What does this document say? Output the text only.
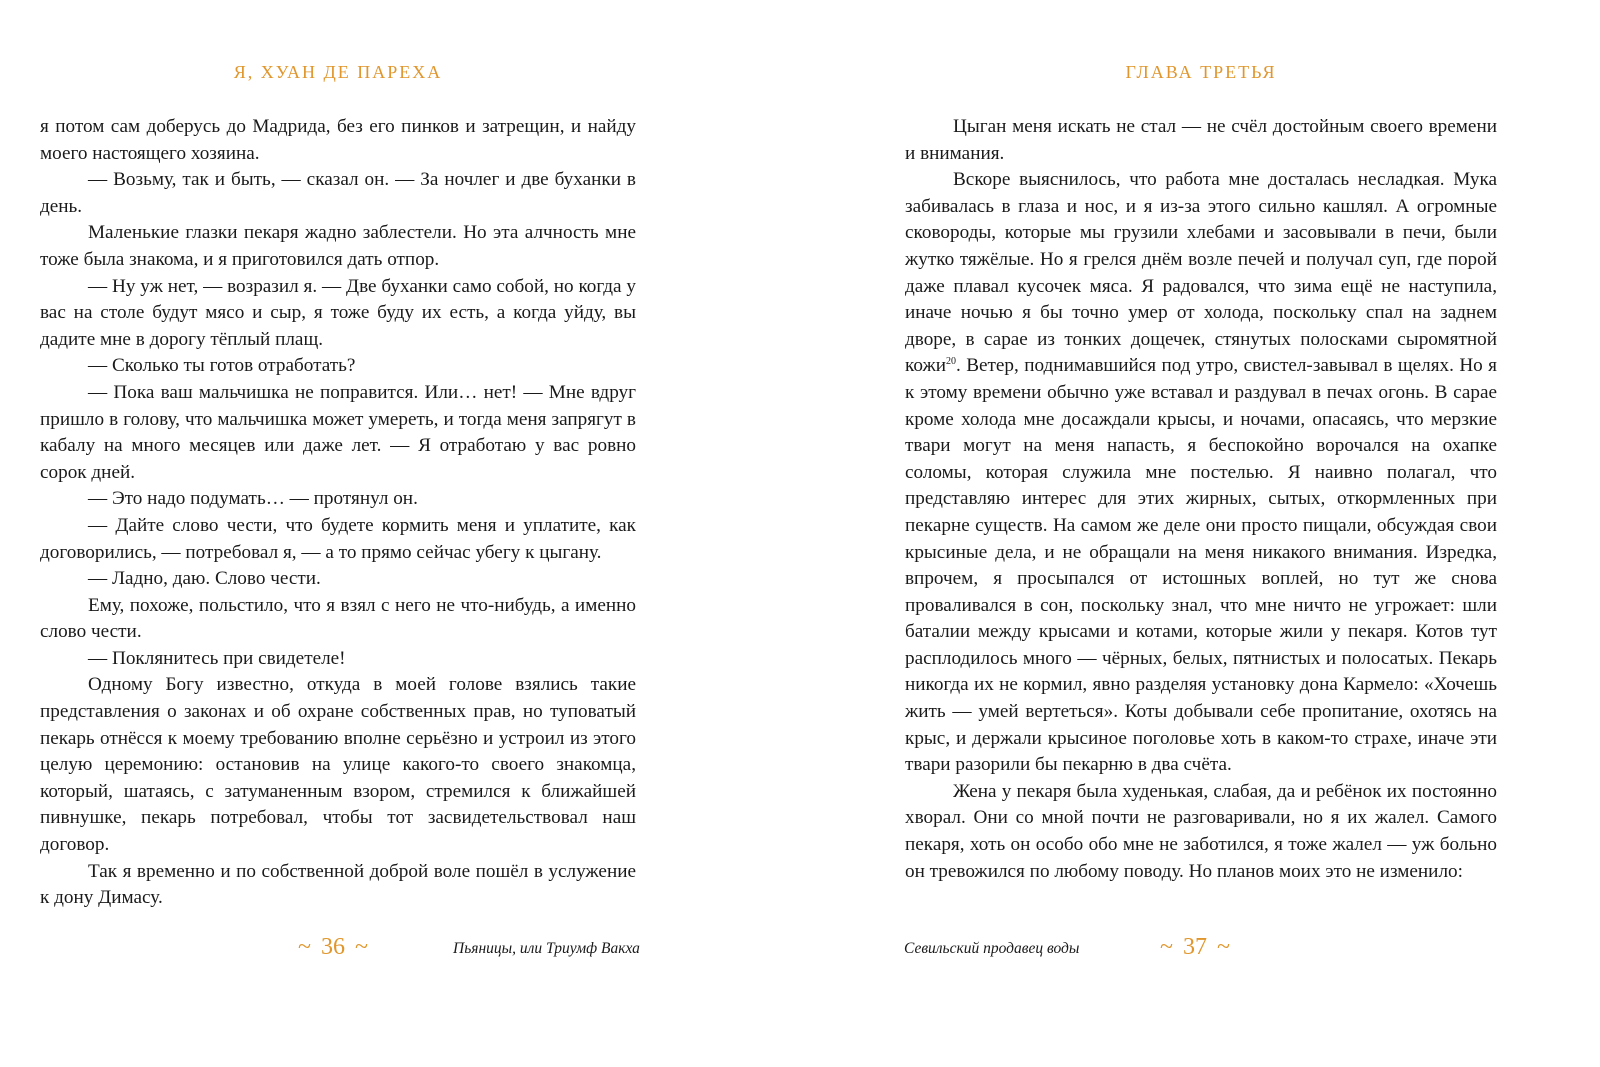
Я, ХУАН ДЕ ПАРЕХА

я потом сам доберусь до Мадрида, без его пинков и затрещин, и найду моего настоящего хозяина.

— Возьму, так и быть, — сказал он. — За ночлег и две буханки в день.

Маленькие глазки пекаря жадно заблестели. Но эта алчность мне тоже была знакома, и я приготовился дать отпор.

— Ну уж нет, — возразил я. — Две буханки само собой, но когда у вас на столе будут мясо и сыр, я тоже буду их есть, а когда уйду, вы дадите мне в дорогу тёплый плащ.

— Сколько ты готов отработать?

— Пока ваш мальчишка не поправится. Или… нет! — Мне вдруг пришло в голову, что мальчишка может умереть, и тогда меня запрягут в кабалу на много месяцев или даже лет. — Я отработаю у вас ровно сорок дней.

— Это надо подумать… — протянул он.

— Дайте слово чести, что будете кормить меня и уплатите, как договорились, — потребовал я, — а то прямо сейчас убегу к цыгану.

— Ладно, даю. Слово чести.

Ему, похоже, польстило, что я взял с него не что-нибудь, а именно слово чести.

— Поклянитесь при свидетеле!

Одному Богу известно, откуда в моей голове взялись такие представления о законах и об охране собственных прав, но туповатый пекарь отнёсся к моему требованию вполне серьёзно и устроил из этого целую церемонию: остановив на улице какого-то своего знакомца, который, шатаясь, с затуманенным взором, стремился к ближайшей пивнушке, пекарь потребовал, чтобы тот засвидетельствовал наш договор.

Так я временно и по собственной доброй воле пошёл в услужение к дону Димасу.

~ 36 ~	Пьяницы, или Триумф Вакха
ГЛАВА ТРЕТЬЯ

Цыган меня искать не стал — не счёл достойным своего времени и внимания.

Вскоре выяснилось, что работа мне досталась несладкая. Мука забивалась в глаза и нос, и я из-за этого сильно кашлял. А огромные сковороды, которые мы грузили хлебами и засовывали в печи, были жутко тяжёлые. Но я грелся днём возле печей и получал суп, где порой даже плавал кусочек мяса. Я радовался, что зима ещё не наступила, иначе ночью я бы точно умер от холода, поскольку спал на заднем дворе, в сарае из тонких дощечек, стянутых полосками сыромятной кожи$^{20}$. Ветер, поднимавшийся под утро, свистел-завывал в щелях. Но я к этому времени обычно уже вставал и раздувал в печах огонь. В сарае кроме холода мне досаждали крысы, и ночами, опасаясь, что мерзкие твари могут на меня напасть, я беспокойно ворочался на охапке соломы, которая служила мне постелью. Я наивно полагал, что представляю интерес для этих жирных, сытых, откормленных при пекарне существ. На самом же деле они просто пищали, обсуждая свои крысиные дела, и не обращали на меня никакого внимания. Изредка, впрочем, я просыпался от истошных воплей, но тут же снова проваливался в сон, поскольку знал, что мне ничто не угрожает: шли баталии между крысами и котами, которые жили у пекаря. Котов тут расплодилось много — чёрных, белых, пятнистых и полосатых. Пекарь никогда их не кормил, явно разделяя установку дона Кармело: «Хочешь жить — умей вертеться». Коты добывали себе пропитание, охотясь на крыс, и держали крысиное поголовье хоть в каком-то страхе, иначе эти твари разорили бы пекарню в два счёта.

Жена у пекаря была худенькая, слабая, да и ребёнок их постоянно хворал. Они со мной почти не разговаривали, но я их жалел. Самого пекаря, хоть он особо обо мне не заботился, я тоже жалел — уж больно он тревожился по любому поводу. Но планов моих это не изменило:

Севильский продавец воды	~ 37 ~
